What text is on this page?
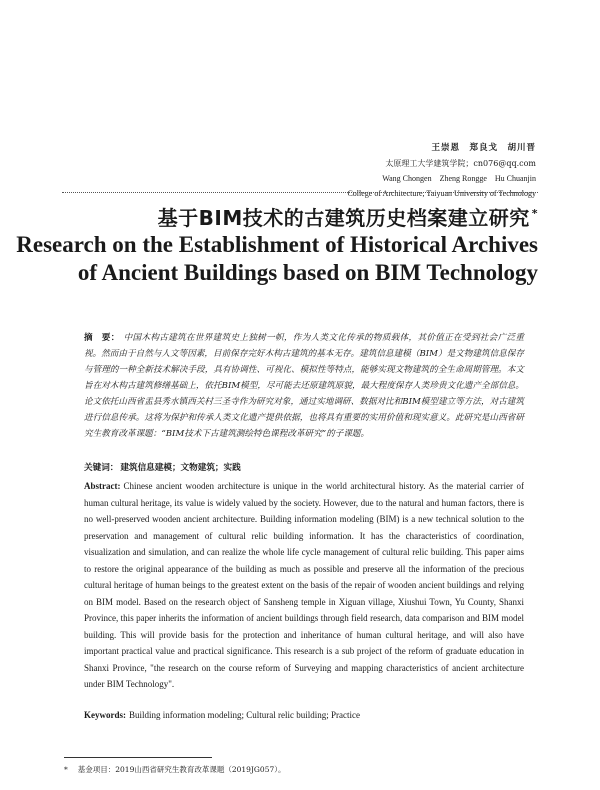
王崇恩　郑良戈　胡川晋
太原理工大学建筑学院；cn076@qq.com
Wang Chongen　Zheng Rongge　Hu Chuanjin
College of Architecture, Taiyuan University of Technology
基于BIM技术的古建筑历史档案建立研究 *
Research on the Establishment of Historical Archives
of Ancient Buildings based on BIM Technology
摘　要： 中国木构古建筑在世界建筑史上独树一帜，作为人类文化传承的物质载体，其价值正在受到社会广泛重视。然而由于自然与人文等因素，目前保存完好木构古建筑的基本无存。建筑信息建模（BIM）是文物建筑信息保存与管理的一种全新技术解决手段，具有协调性、可视化、模拟性等特点，能够实现文物建筑的全生命周期管理。本文旨在对木构古建筑修缮基础上，依托BIM模型，尽可能去还原建筑原貌，最大程度保存人类珍贵文化遗产全部信息。论文依托山西省盂县秀水镇西关村三圣寺作为研究对象，通过实地调研、数据对比和BIM模型建立等方法，对古建筑进行信息传承。这将为保护和传承人类文化遗产提供依据，也将具有重要的实用价值和现实意义。此研究是山西省研究生教育改革课题：“BIM技术下古建筑测绘特色课程改革研究”的子课题。
关键词： 建筑信息建模；文物建筑；实践
Abstract: Chinese ancient wooden architecture is unique in the world architectural history. As the material carrier of human cultural heritage, its value is widely valued by the society. However, due to the natural and human factors, there is no well-preserved wooden ancient architecture. Building information modeling (BIM) is a new technical solution to the preservation and management of cultural relic building information. It has the characteristics of coordination, visualization and simulation, and can realize the whole life cycle management of cultural relic building. This paper aims to restore the original appearance of the building as much as possible and preserve all the information of the precious cultural heritage of human beings to the greatest extent on the basis of the repair of wooden ancient buildings and relying on BIM model. Based on the research object of Sansheng temple in Xiguan village, Xiushui Town, Yu County, Shanxi Province, this paper inherits the information of ancient buildings through field research, data comparison and BIM model building. This will provide basis for the protection and inheritance of human cultural heritage, and will also have important practical value and practical significance. This research is a sub project of the reform of graduate education in Shanxi Province, "the research on the course reform of Surveying and mapping characteristics of ancient architecture under BIM Technology".
Keywords: Building information modeling; Cultural relic building; Practice
* 基金项目：2019山西省研究生教育改革课题（2019JG057）。
